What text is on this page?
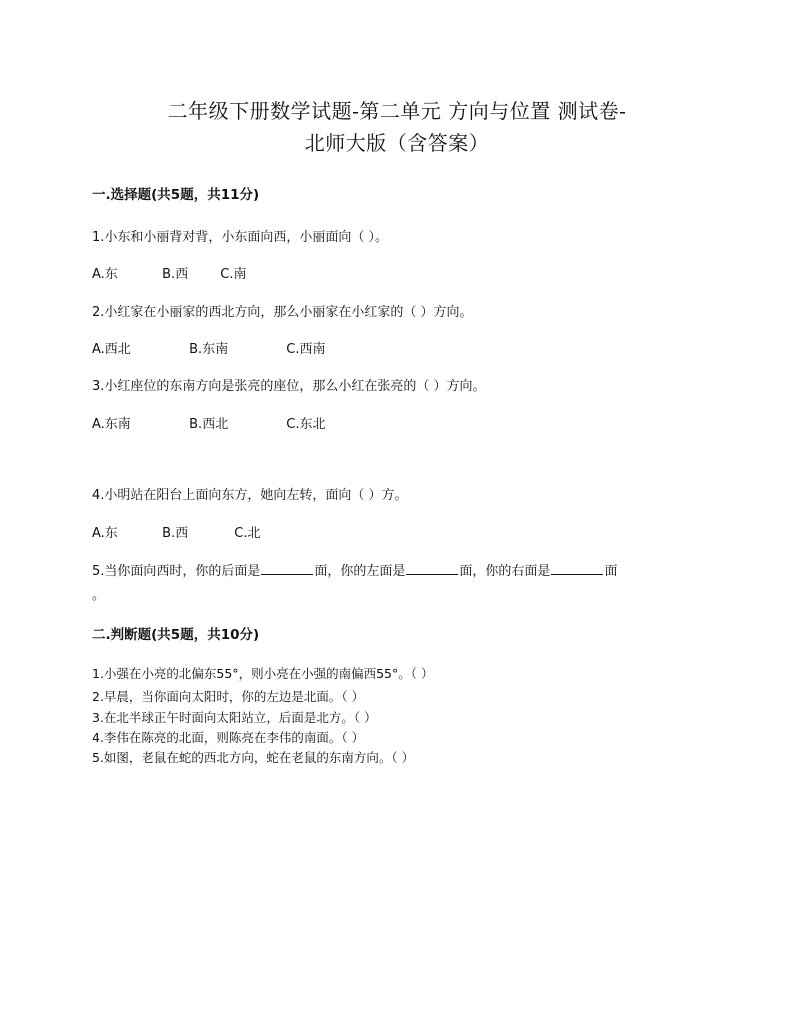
二年级下册数学试题-第二单元 方向与位置 测试卷-
北师大版（含答案）
一.选择题(共5题，共11分)
1.小东和小丽背对背，小东面向西，小丽面向（ ）。
A.东	B.西 C.南
2.小红家在小丽家的西北方向，那么小丽家在小红家的（ ）方向。
A.西北	B.东南	C.西南
3.小红座位的东南方向是张亮的座位，那么小红在张亮的（ ）方向。
A.东南	B.西北	C.东北
4.小明站在阳台上面向东方，她向左转，面向（ ）方。
A.东	B.西	C.北
5.当你面向西时，你的后面是	面，你的左面是	面，你的右面是	面
。
二.判断题(共5题，共10分)
1.小强在小亮的北偏东55°，则小亮在小强的南偏西55°。（ ）
2.早晨，当你面向太阳时，你的左边是北面。（ ）
3.在北半球正午时面向太阳站立，后面是北方。（ ）
4.李伟在陈亮的北面，则陈亮在李伟的南面。（ ）
5.如图，老鼠在蛇的西北方向，蛇在老鼠的东南方向。（ ）
